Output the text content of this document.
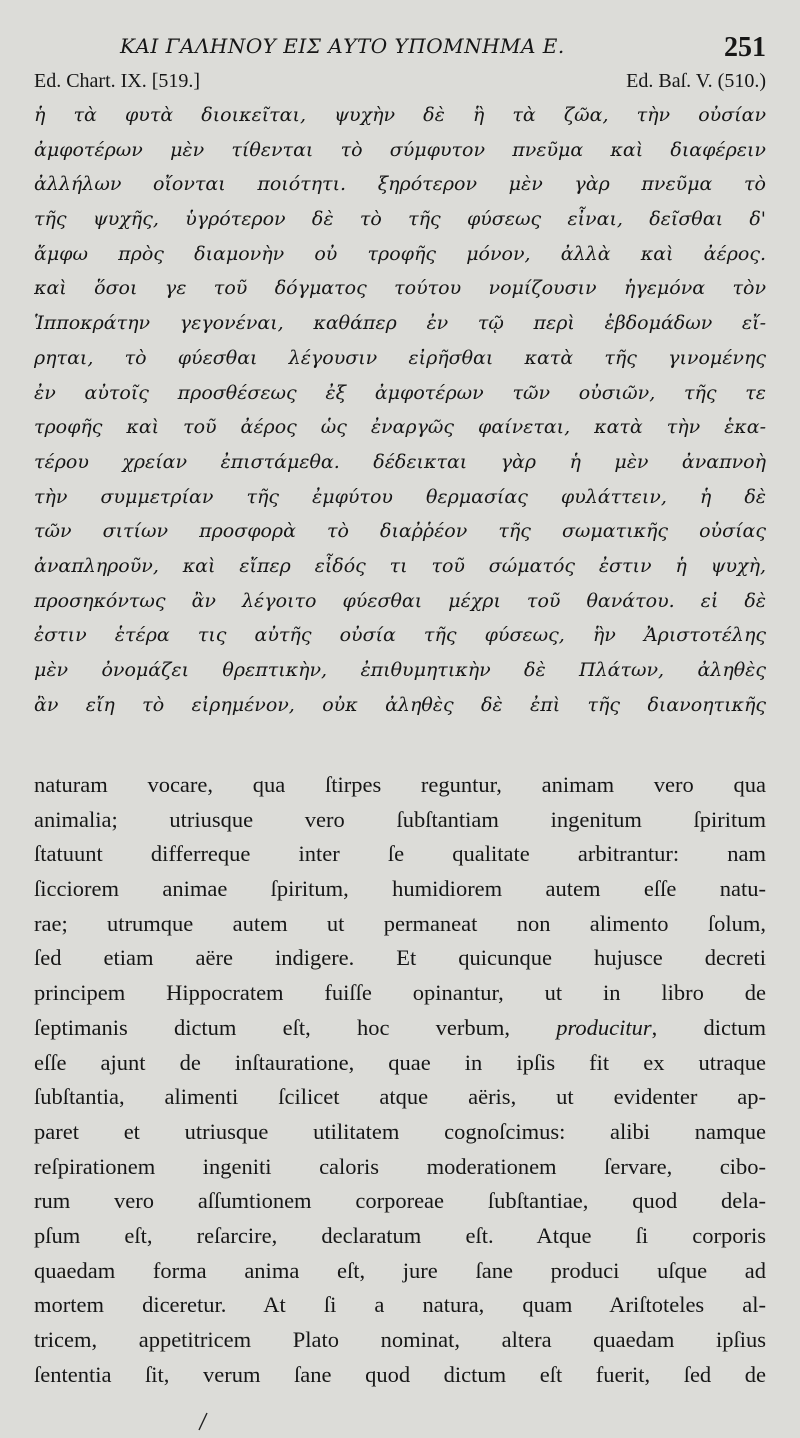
ΚΑΙ ΓΑΛΗΝΟΥ ΕΙΣ ΑΥΤΟ ΥΠΟΜΝΗΜΑ Ε.	251
Ed. Chart. IX. [519.]	Ed. Baſ. V. (510.)
ἡ τὰ φυτὰ διοικεῖται, ψυχὴν δὲ ἣ τὰ ζῶα, τὴν οὐσίαν
ἀμφοτέρων μὲν τίθενται τὸ σύμφυτον πνεῦμα καὶ διαφέρειν
ἀλλήλων οἴονται ποιότητι. ξηρότερον μὲν γὰρ πνεῦμα τὸ
τῆς ψυχῆς, ὑγρότερον δὲ τὸ τῆς φύσεως εἶναι, δεῖσθαι δ'
ἄμφω πρὸς διαμονὴν οὐ τροφῆς μόνον, ἀλλὰ καὶ ἀέρος.
καὶ ὅσοι γε τοῦ δόγματος τούτου νομίζουσιν ἡγεμόνα τὸν
Ἱπποκράτην γεγονέναι, καθάπερ ἐν τῷ περὶ ἑβδομάδων εἴ-
ρηται, τὸ φύεσθαι λέγουσιν εἰρῆσθαι κατὰ τῆς γινομένης
ἐν αὐτοῖς προσθέσεως ἐξ ἀμφοτέρων τῶν οὐσιῶν, τῆς τε
τροφῆς καὶ τοῦ ἀέρος ὡς ἐναργῶς φαίνεται, κατὰ τὴν ἑκα-
τέρου χρείαν ἐπιστάμεθα. δέδεικται γὰρ ἡ μὲν ἀναπνοὴ
τὴν συμμετρίαν τῆς ἐμφύτου θερμασίας φυλάττειν, ἡ δὲ
τῶν σιτίων προσφορὰ τὸ διαῤῥέον τῆς σωματικῆς οὐσίας
ἀναπληροῦν, καὶ εἴπερ εἶδός τι τοῦ σώματός ἐστιν ἡ ψυχὴ,
προσηκόντως ἂν λέγοιτο φύεσθαι μέχρι τοῦ θανάτου. εἰ δὲ
ἐστιν ἑτέρα τις αὐτῆς οὐσία τῆς φύσεως, ἣν Ἀριστοτέλης
μὲν ὀνομάζει θρεπτικὴν, ἐπιθυμητικὴν δὲ Πλάτων, ἀληθὲς
ἂν εἴη τὸ εἰρημένον, οὐκ ἀληθὲς δὲ ἐπὶ τῆς διανοητικῆς
naturam vocare, qua ſtirpes reguntur, animam vero qua
animalia; utriusque vero ſubſtantiam ingenitum ſpiritum
ſtatuunt differreque inter ſe qualitate arbitrantur: nam
ſicciorem animae ſpiritum, humidiorem autem eſſe natu-
rae; utrumque autem ut permaneat non alimento ſolum,
ſed etiam aëre indigere. Et quicunque hujusce decreti
principem Hippocratem fuiſſe opinantur, ut in libro de
ſeptimanis dictum eſt, hoc verbum, producitur, dictum
eſſe ajunt de inſtauratione, quae in ipſis fit ex utraque
ſubſtantia, alimenti ſcilicet atque aëris, ut evidenter ap-
paret et utriusque utilitatem cognoſcimus: alibi namque
reſpirationem ingeniti caloris moderationem ſervare, cibo-
rum vero aſſumtionem corporeae ſubſtantiae, quod dela-
pſum eſt, reſarcire, declaratum eſt. Atque ſi corporis
quaedam forma anima eſt, jure ſane produci uſque ad
mortem diceretur. At ſi a natura, quam Ariſtoteles al-
tricem, appetitricem Plato nominat, altera quaedam ipſius
ſententia ſit, verum ſane quod dictum eſt fuerit, ſed de
